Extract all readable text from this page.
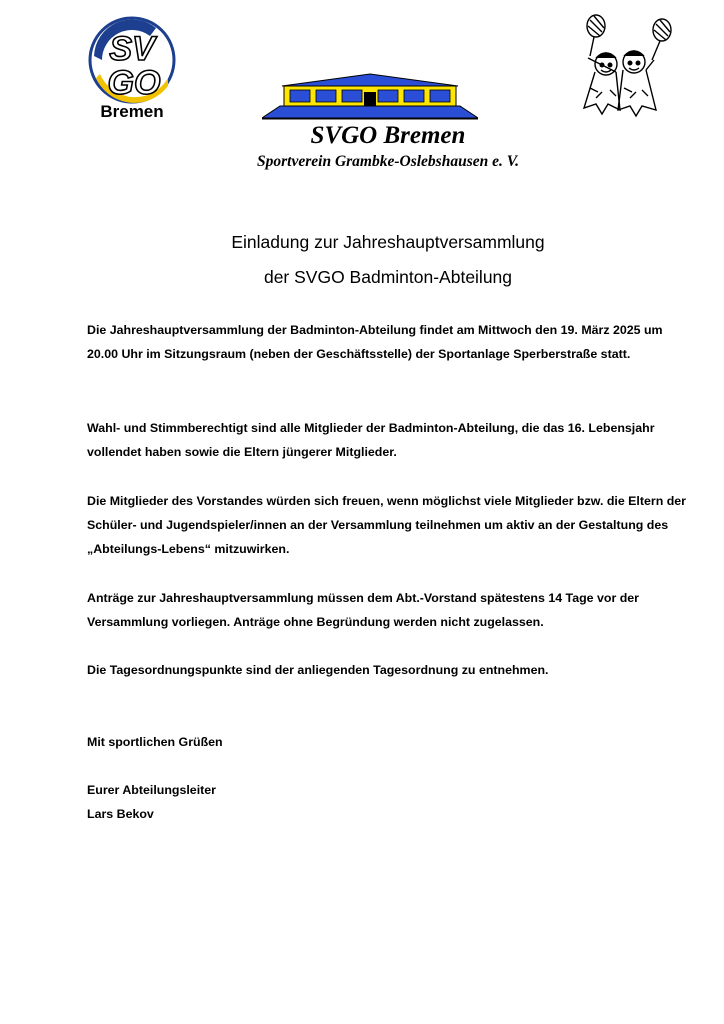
SV
GO
Bremen
SVGO Bremen
Sportverein Grambke-Oslebshausen e. V.
Einladung zur Jahreshauptversammlung
der SVGO Badminton-Abteilung

Die Jahreshauptversammlung der Badminton-Abteilung findet am Mittwoch den 19. März 2025 um 20.00 Uhr im Sitzungsraum (neben der Geschäftsstelle) der Sportanlage Sperberstraße statt.

Wahl- und Stimmberechtigt sind alle Mitglieder der Badminton-Abteilung, die das 16. Lebensjahr vollendet haben sowie die Eltern jüngerer Mitglieder.

Die Mitglieder des Vorstandes würden sich freuen, wenn möglichst viele Mitglieder bzw. die Eltern der Schüler- und Jugendspieler/innen an der Versammlung teilnehmen um aktiv an der Gestaltung des „Abteilungs-Lebens“ mitzuwirken.

Anträge zur Jahreshauptversammlung müssen dem Abt.-Vorstand spätestens 14 Tage vor der Versammlung vorliegen. Anträge ohne Begründung werden nicht zugelassen.

Die Tagesordnungspunkte sind der anliegenden Tagesordnung zu entnehmen.

Mit sportlichen Grüßen
Eurer Abteilungsleiter
Lars Bekov
